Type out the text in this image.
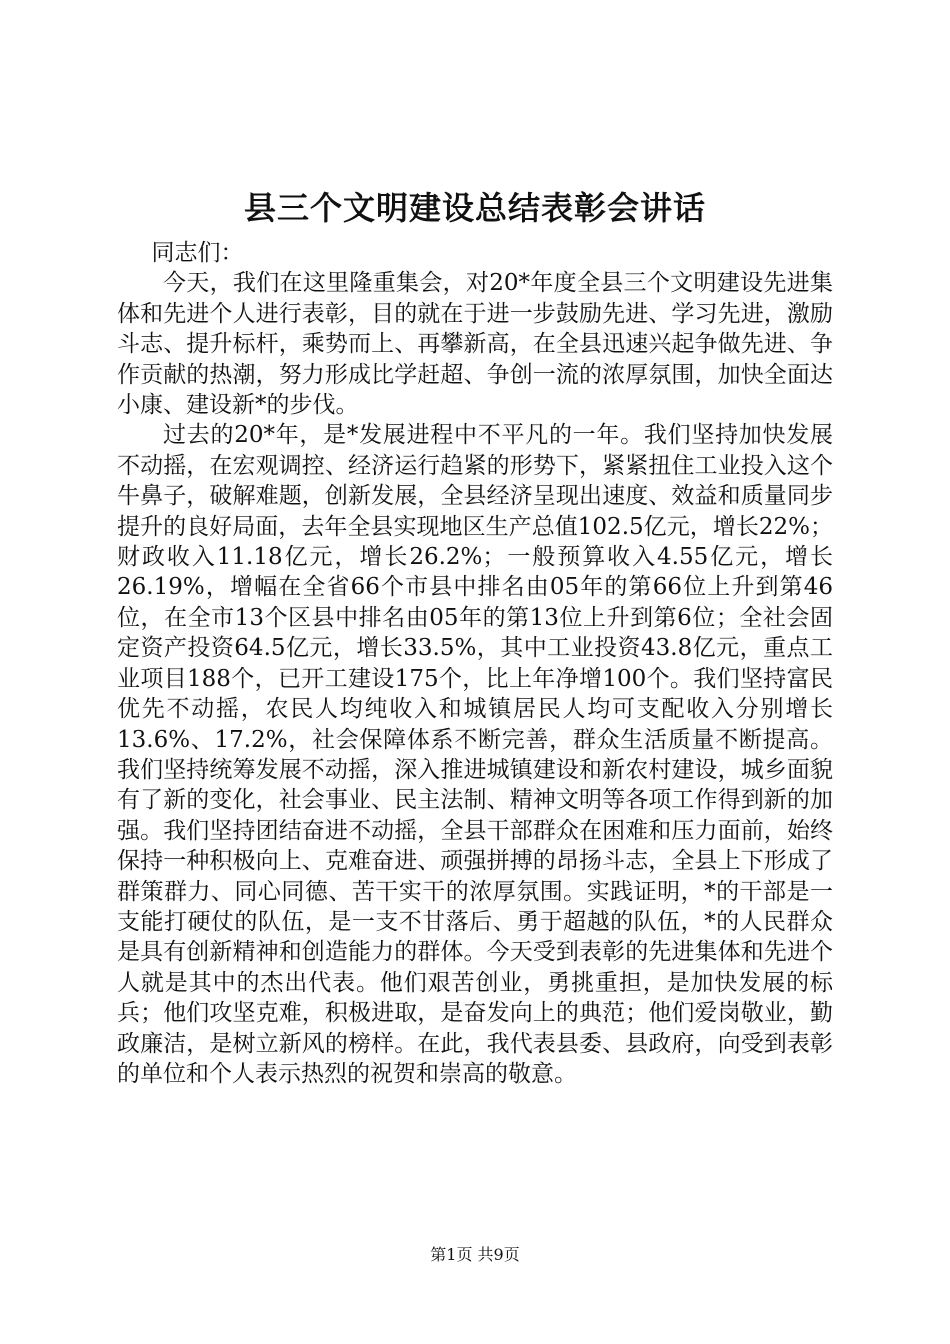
县三个文明建设总结表彰会讲话

同志们：

今天，我们在这里隆重集会，对20*年度全县三个文明建设先进集体和先进个人进行表彰，目的就在于进一步鼓励先进、学习先进，激励斗志、提升标杆，乘势而上、再攀新高，在全县迅速兴起争做先进、争作贡献的热潮，努力形成比学赶超、争创一流的浓厚氛围，加快全面达小康、建设新*的步伐。

过去的20*年，是*发展进程中不平凡的一年。我们坚持加快发展不动摇，在宏观调控、经济运行趋紧的形势下，紧紧扭住工业投入这个牛鼻子，破解难题，创新发展，全县经济呈现出速度、效益和质量同步提升的良好局面，去年全县实现地区生产总值102.5亿元，增长22%；财政收入11.18亿元，增长26.2%；一般预算收入4.55亿元，增长26.19%，增幅在全省66个市县中排名由05年的第66位上升到第46位，在全市13个区县中排名由05年的第13位上升到第6位；全社会固定资产投资64.5亿元，增长33.5%，其中工业投资43.8亿元，重点工业项目188个，已开工建设175个，比上年净增100个。我们坚持富民优先不动摇，农民人均纯收入和城镇居民人均可支配收入分别增长13.6%、17.2%，社会保障体系不断完善，群众生活质量不断提高。我们坚持统筹发展不动摇，深入推进城镇建设和新农村建设，城乡面貌有了新的变化，社会事业、民主法制、精神文明等各项工作得到新的加强。我们坚持团结奋进不动摇，全县干部群众在困难和压力面前，始终保持一种积极向上、克难奋进、顽强拼搏的昂扬斗志，全县上下形成了群策群力、同心同德、苦干实干的浓厚氛围。实践证明，*的干部是一支能打硬仗的队伍，是一支不甘落后、勇于超越的队伍，*的人民群众是具有创新精神和创造能力的群体。今天受到表彰的先进集体和先进个人就是其中的杰出代表。他们艰苦创业，勇挑重担，是加快发展的标兵；他们攻坚克难，积极进取，是奋发向上的典范；他们爱岗敬业，勤政廉洁，是树立新风的榜样。在此，我代表县委、县政府，向受到表彰的单位和个人表示热烈的祝贺和崇高的敬意。

第1页 共9页
